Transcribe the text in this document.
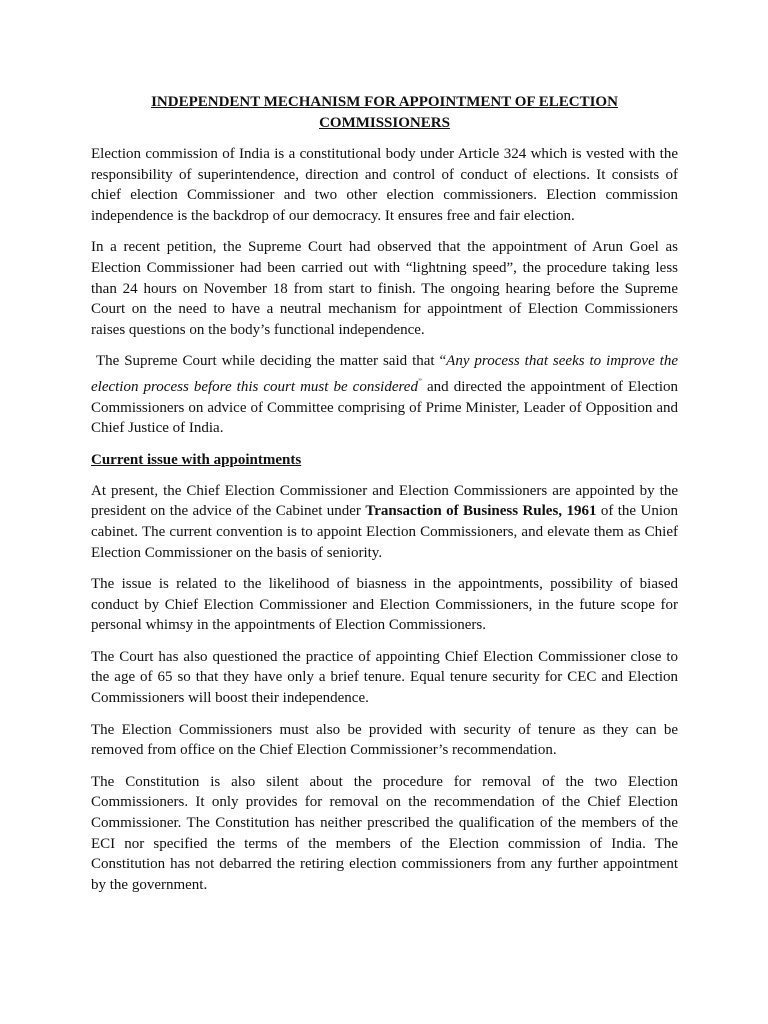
INDEPENDENT MECHANISM FOR APPOINTMENT OF ELECTION
COMMISSIONERS

Election commission of India is a constitutional body under Article 324 which is vested with the responsibility of superintendence, direction and control of conduct of elections. It consists of chief election Commissioner and two other election commissioners. Election commission independence is the backdrop of our democracy. It ensures free and fair election.

In a recent petition, the Supreme Court had observed that the appointment of Arun Goel as Election Commissioner had been carried out with “lightning speed”, the procedure taking less than 24 hours on November 18 from start to finish. The ongoing hearing before the Supreme Court on the need to have a neutral mechanism for appointment of Election Commissioners raises questions on the body’s functional independence.

The Supreme Court while deciding the matter said that “Any process that seeks to improve the election process before this court must be considered” and directed the appointment of Election Commissioners on advice of Committee comprising of Prime Minister, Leader of Opposition and Chief Justice of India.

Current issue with appointments

At present, the Chief Election Commissioner and Election Commissioners are appointed by the president on the advice of the Cabinet under Transaction of Business Rules, 1961 of the Union cabinet. The current convention is to appoint Election Commissioners, and elevate them as Chief Election Commissioner on the basis of seniority.

The issue is related to the likelihood of biasness in the appointments, possibility of biased conduct by Chief Election Commissioner and Election Commissioners, in the future scope for personal whimsy in the appointments of Election Commissioners.

The Court has also questioned the practice of appointing Chief Election Commissioner close to the age of 65 so that they have only a brief tenure. Equal tenure security for CEC and Election Commissioners will boost their independence.

The Election Commissioners must also be provided with security of tenure as they can be removed from office on the Chief Election Commissioner’s recommendation.

The Constitution is also silent about the procedure for removal of the two Election Commissioners. It only provides for removal on the recommendation of the Chief Election Commissioner. The Constitution has neither prescribed the qualification of the members of the ECI nor specified the terms of the members of the Election commission of India. The Constitution has not debarred the retiring election commissioners from any further appointment by the government.
